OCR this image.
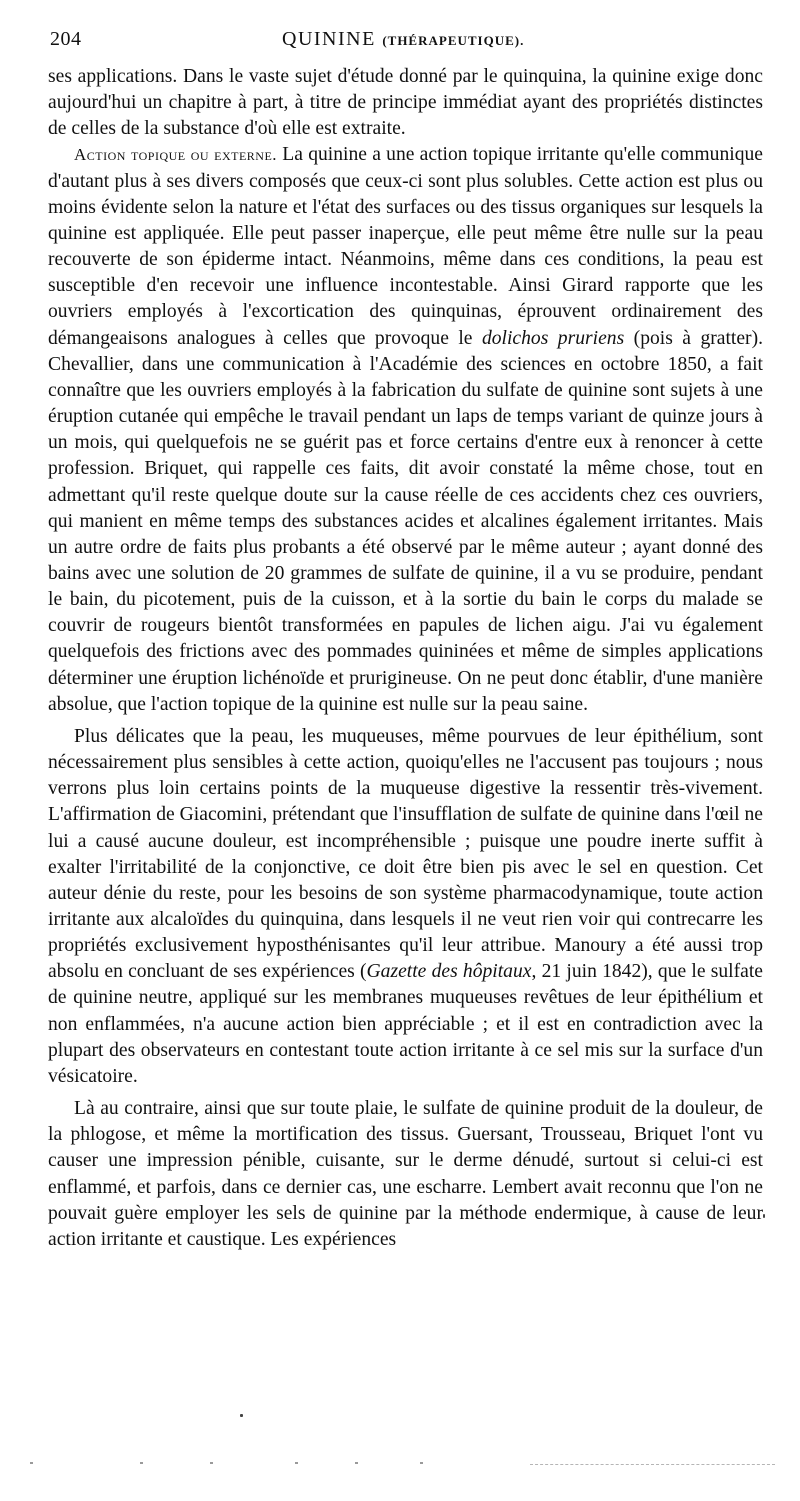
204	QUININE (THÉRAPEUTIQUE).

ses applications. Dans le vaste sujet d'étude donné par le quinquina, la quinine exige donc aujourd'hui un chapitre à part, à titre de principe immédiat ayant des propriétés distinctes de celles de la substance d'où elle est extraite.

Action topique ou externe. La quinine a une action topique irritante qu'elle communique d'autant plus à ses divers composés que ceux-ci sont plus solubles. Cette action est plus ou moins évidente selon la nature et l'état des surfaces ou des tissus organiques sur lesquels la quinine est appliquée. Elle peut passer inaperçue, elle peut même être nulle sur la peau recouverte de son épiderme intact. Néanmoins, même dans ces conditions, la peau est susceptible d'en recevoir une influence incontestable. Ainsi Girard rapporte que les ouvriers employés à l'excortication des quinquinas, éprouvent ordinairement des démangeaisons analogues à celles que provoque le dolichos pruriens (pois à gratter). Chevallier, dans une communication à l'Académie des sciences en octobre 1850, a fait connaître que les ouvriers employés à la fabrication du sulfate de quinine sont sujets à une éruption cutanée qui empêche le travail pendant un laps de temps variant de quinze jours à un mois, qui quelquefois ne se guérit pas et force certains d'entre eux à renoncer à cette profession. Briquet, qui rappelle ces faits, dit avoir constaté la même chose, tout en admettant qu'il reste quelque doute sur la cause réelle de ces accidents chez ces ouvriers, qui manient en même temps des substances acides et alcalines également irritantes. Mais un autre ordre de faits plus probants a été observé par le même auteur ; ayant donné des bains avec une solution de 20 grammes de sulfate de quinine, il a vu se produire, pendant le bain, du picotement, puis de la cuisson, et à la sortie du bain le corps du malade se couvrir de rougeurs bientôt transformées en papules de lichen aigu. J'ai vu également quelquefois des frictions avec des pommades quininées et même de simples applications déterminer une éruption lichénoïde et prurigineuse. On ne peut donc établir, d'une manière absolue, que l'action topique de la quinine est nulle sur la peau saine.

Plus délicates que la peau, les muqueuses, même pourvues de leur épithélium, sont nécessairement plus sensibles à cette action, quoiqu'elles ne l'accusent pas toujours ; nous verrons plus loin certains points de la muqueuse digestive la ressentir très-vivement. L'affirmation de Giacomini, prétendant que l'insufflation de sulfate de quinine dans l'œil ne lui a causé aucune douleur, est incompréhensible ; puisque une poudre inerte suffit à exalter l'irritabilité de la conjonctive, ce doit être bien pis avec le sel en question. Cet auteur dénie du reste, pour les besoins de son système pharmacodynamique, toute action irritante aux alcaloïdes du quinquina, dans lesquels il ne veut rien voir qui contrecarre les propriétés exclusivement hyposthénisantes qu'il leur attribue. Manoury a été aussi trop absolu en concluant de ses expériences (Gazette des hôpitaux, 21 juin 1842), que le sulfate de quinine neutre, appliqué sur les membranes muqueuses revêtues de leur épithélium et non enflammées, n'a aucune action bien appréciable ; et il est en contradiction avec la plupart des observateurs en contestant toute action irritante à ce sel mis sur la surface d'un vésicatoire.

Là au contraire, ainsi que sur toute plaie, le sulfate de quinine produit de la douleur, de la phlogose, et même la mortification des tissus. Guersant, Trousseau, Briquet l'ont vu causer une impression pénible, cuisante, sur le derme dénudé, surtout si celui-ci est enflammé, et parfois, dans ce dernier cas, une escharre. Lembert avait reconnu que l'on ne pouvait guère employer les sels de quinine par la méthode endermique, à cause de leur action irritante et caustique. Les expériences
